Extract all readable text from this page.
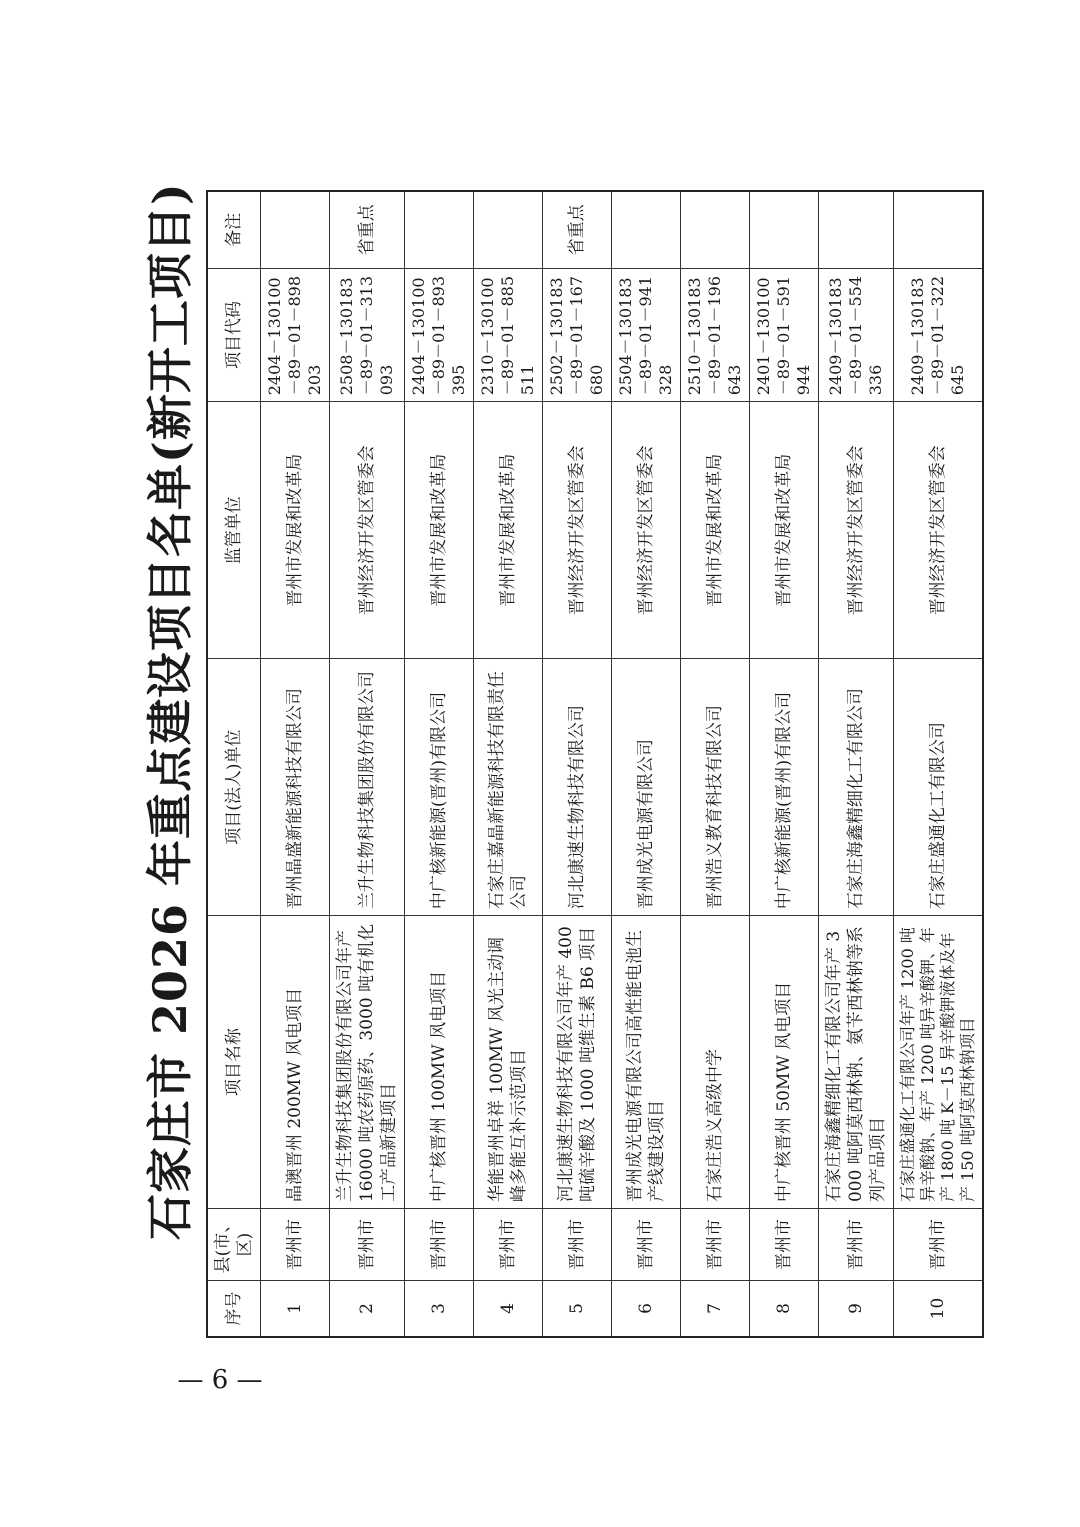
石家庄市 2026 年重点建设项目名单(新开工项目)
序号	县(市、区)	项目名称	项目(法人)单位	监管单位	项目代码	备注
1	晋州市	晶澳晋州 200MW 风电项目	晋州晶盛新能源科技有限公司	晋州市发展和改革局	2404－130100－89－01－898203	
2	晋州市	兰升生物科技集团股份有限公司年产 16000 吨农药原药、3000 吨有机化工产品新建项目	兰升生物科技集团股份有限公司	晋州经济开发区管委会	2508－130183－89－01－313093	省重点
3	晋州市	中广核晋州 100MW 风电项目	中广核新能源(晋州)有限公司	晋州市发展和改革局	2404－130100－89－01－893395	
4	晋州市	华能晋州卓祥 100MW 风光主动调峰多能互补示范项目	石家庄嘉晶新能源科技有限责任公司	晋州市发展和改革局	2310－130100－89－01－885511	
5	晋州市	河北康速生物科技有限公司年产 400 吨硫辛酸及 1000 吨维生素 B6 项目	河北康速生物科技有限公司	晋州经济开发区管委会	2502－130183－89－01－167680	省重点
6	晋州市	晋州成光电源有限公司高性能电池生产线建设项目	晋州成光电源有限公司	晋州经济开发区管委会	2504－130183－89－01－941328	
7	晋州市	石家庄浩义高级中学	晋州浩义教育科技有限公司	晋州市发展和改革局	2510－130183－89－01－196643	
8	晋州市	中广核晋州 50MW 风电项目	中广核新能源(晋州)有限公司	晋州市发展和改革局	2401－130100－89－01－591944	
9	晋州市	石家庄海鑫精细化工有限公司年产 3000 吨阿莫西林钠、氨苄西林钠等系列产品项目	石家庄海鑫精细化工有限公司	晋州经济开发区管委会	2409－130183－89－01－554336	
10	晋州市	石家庄盛通化工有限公司年产 1200 吨异辛酸钠、年产 1200 吨异辛酸钾、年产 1800 吨 K－15 异辛酸钾液体及年产 150 吨阿莫西林钠项目	石家庄盛通化工有限公司	晋州经济开发区管委会	2409－130183－89－01－322645	
— 6 —
